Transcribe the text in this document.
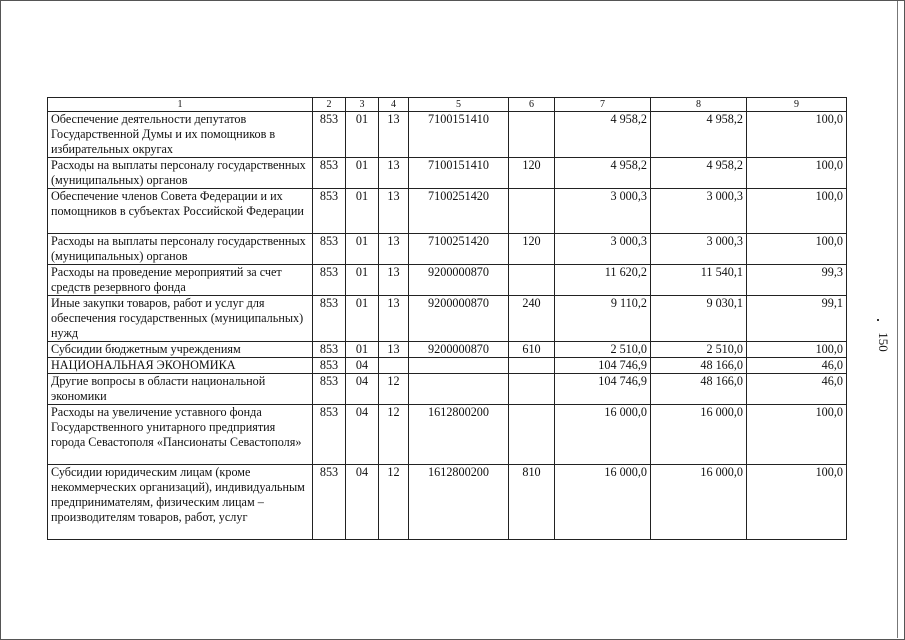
1	2	3	4	5	6	7	8	9
Обеспечение деятельности депутатов Государственной Думы и их помощников в избирательных округах	853	01	13	7100151410		4 958,2	4 958,2	100,0
Расходы на выплаты персоналу государственных (муниципальных) органов	853	01	13	7100151410	120	4 958,2	4 958,2	100,0
Обеспечение членов Совета Федерации и их помощников в субъектах Российской Федерации	853	01	13	7100251420		3 000,3	3 000,3	100,0
Расходы на выплаты персоналу государственных (муниципальных) органов	853	01	13	7100251420	120	3 000,3	3 000,3	100,0
Расходы на проведение мероприятий за счет средств резервного фонда	853	01	13	9200000870		11 620,2	11 540,1	99,3
Иные закупки товаров, работ и услуг для обеспечения государственных (муниципальных) нужд	853	01	13	9200000870	240	9 110,2	9 030,1	99,1
Субсидии бюджетным учреждениям	853	01	13	9200000870	610	2 510,0	2 510,0	100,0
НАЦИОНАЛЬНАЯ ЭКОНОМИКА	853	04				104 746,9	48 166,0	46,0
Другие вопросы в области национальной экономики	853	04	12			104 746,9	48 166,0	46,0
Расходы на увеличение уставного фонда Государственного унитарного предприятия города Севастополя «Пансионаты Севастополя»	853	04	12	1612800200		16 000,0	16 000,0	100,0
Субсидии юридическим лицам (кроме некоммерческих организаций), индивидуальным предпринимателям, физическим лицам – производителям товаров, работ, услуг	853	04	12	1612800200	810	16 000,0	16 000,0	100,0
150
